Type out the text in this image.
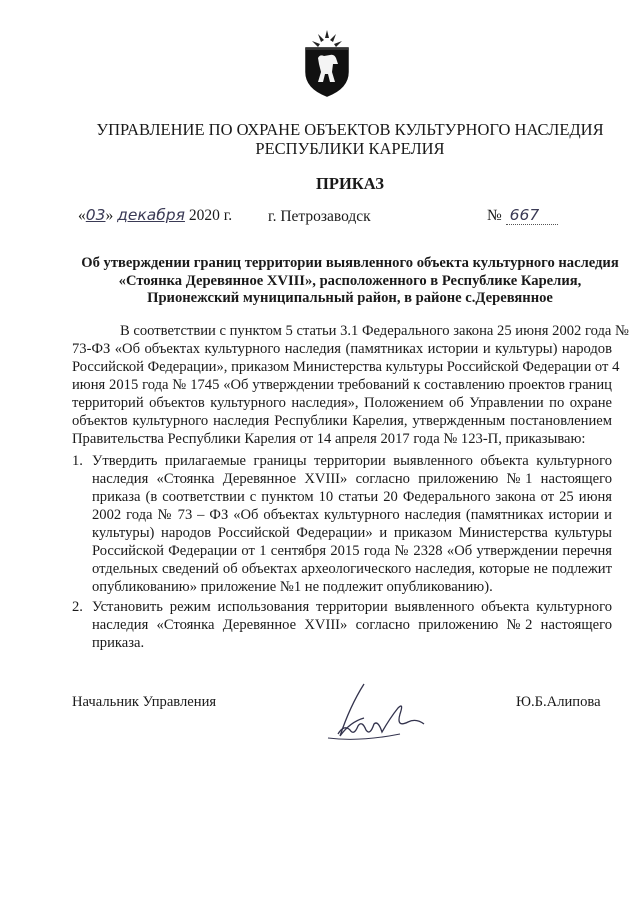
УПРАВЛЕНИЕ ПО ОХРАНЕ ОБЪЕКТОВ КУЛЬТУРНОГО НАСЛЕДИЯ
РЕСПУБЛИКИ КАРЕЛИЯ
ПРИКАЗ
«03» декабря 2020 г. г. Петрозаводск	№ 667
Об утверждении границ территории выявленного объекта культурного наследия
«Стоянка Деревянное XVIII», расположенного в Республике Карелия,
Прионежский муниципальный район, в районе с.Деревянное
В соответствии с пунктом 5 статьи 3.1 Федерального закона 25 июня 2002 года №
73-ФЗ «Об объектах культурного наследия (памятниках истории и культуры) народов
Российской Федерации», приказом Министерства культуры Российской Федерации от 4
июня 2015 года № 1745 «Об утверждении требований к составлению проектов границ
территорий объектов культурного наследия», Положением об Управлении по охране
объектов культурного наследия Республики Карелия, утвержденным постановлением
Правительства Республики Карелия от 14 апреля 2017 года № 123-П, приказываю:
1. Утвердить прилагаемые границы территории выявленного объекта культурного
наследия «Стоянка Деревянное XVIII» согласно приложению №1 настоящего
приказа (в соответствии с пунктом 10 статьи 20 Федерального закона от 25 июня
2002 года № 73 – ФЗ «Об объектах культурного наследия (памятниках истории и
культуры) народов Российской Федерации» и приказом Министерства культуры
Российской Федерации от 1 сентября 2015 года № 2328 «Об утверждении перечня
отдельных сведений об объектах археологического наследия, которые не подлежит
опубликованию» приложение №1 не подлежит опубликованию).
2. Установить режим использования территории выявленного объекта культурного
наследия «Стоянка Деревянное XVIII» согласно приложению №2 настоящего
приказа.
Начальник Управления	Ю.Б.Алипова
